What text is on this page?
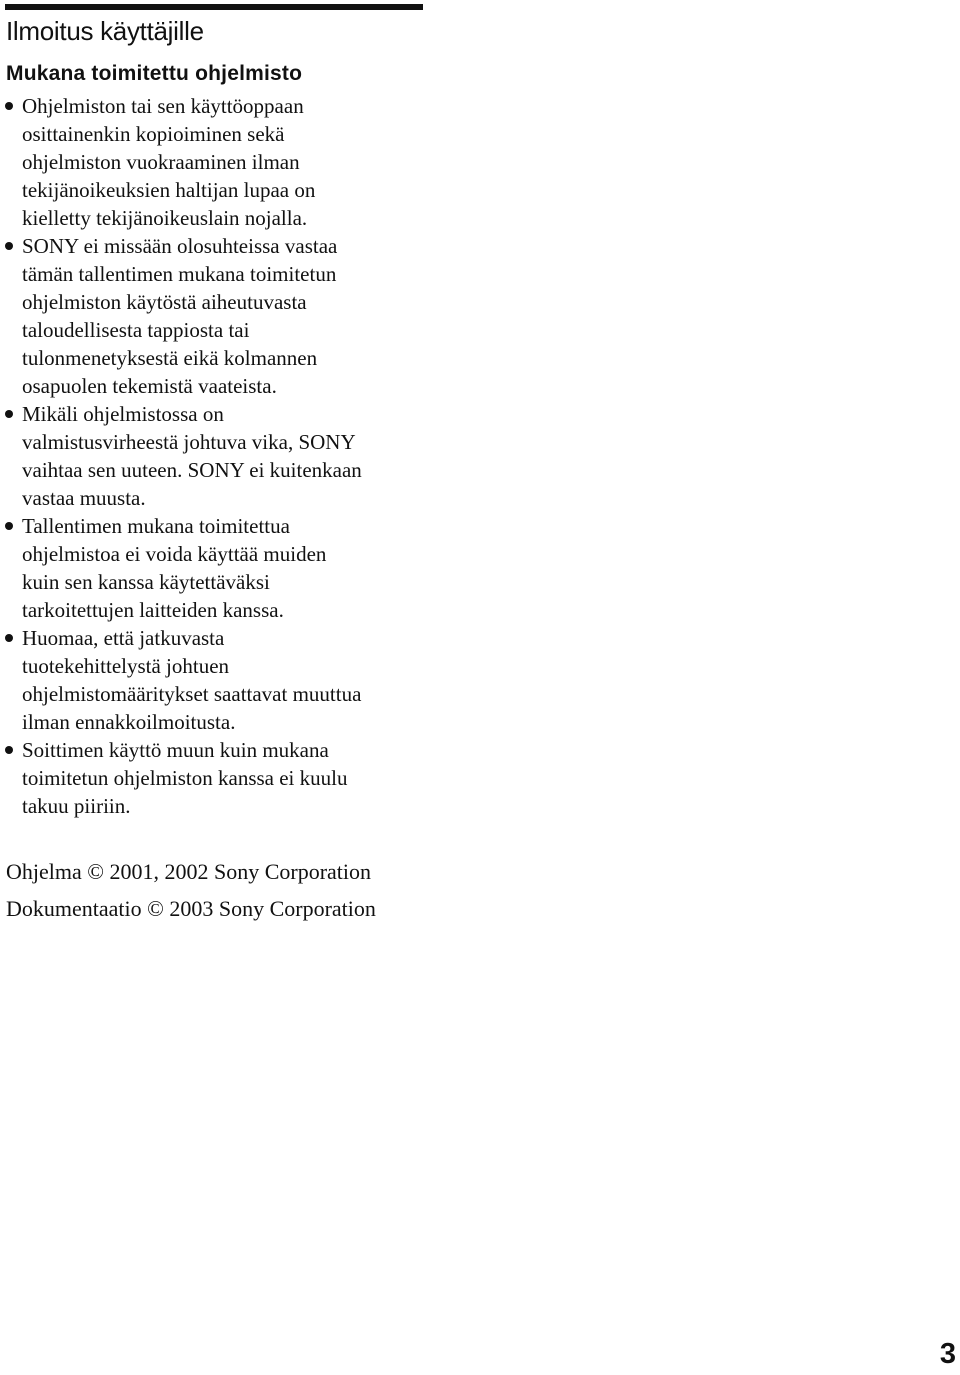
Ilmoitus käyttäjille
Mukana toimitettu ohjelmisto
Ohjelmiston tai sen käyttöoppaan
osittainenkin kopioiminen sekä
ohjelmiston vuokraaminen ilman
tekijänoikeuksien haltijan lupaa on
kielletty tekijänoikeuslain nojalla.
SONY ei missään olosuhteissa vastaa
tämän tallentimen mukana toimitetun
ohjelmiston käytöstä aiheutuvasta
taloudellisesta tappiosta tai
tulonmenetyksestä eikä kolmannen
osapuolen tekemistä vaateista.
Mikäli ohjelmistossa on
valmistusvirheestä johtuva vika, SONY
vaihtaa sen uuteen. SONY ei kuitenkaan
vastaa muusta.
Tallentimen mukana toimitettua
ohjelmistoa ei voida käyttää muiden
kuin sen kanssa käytettäväksi
tarkoitettujen laitteiden kanssa.
Huomaa, että jatkuvasta
tuotekehittelystä johtuen
ohjelmistomääritykset saattavat muuttua
ilman ennakkoilmoitusta.
Soittimen käyttö muun kuin mukana
toimitetun ohjelmiston kanssa ei kuulu
takuu piiriin.

Ohjelma © 2001, 2002 Sony Corporation

Dokumentaatio © 2003 Sony Corporation

3
